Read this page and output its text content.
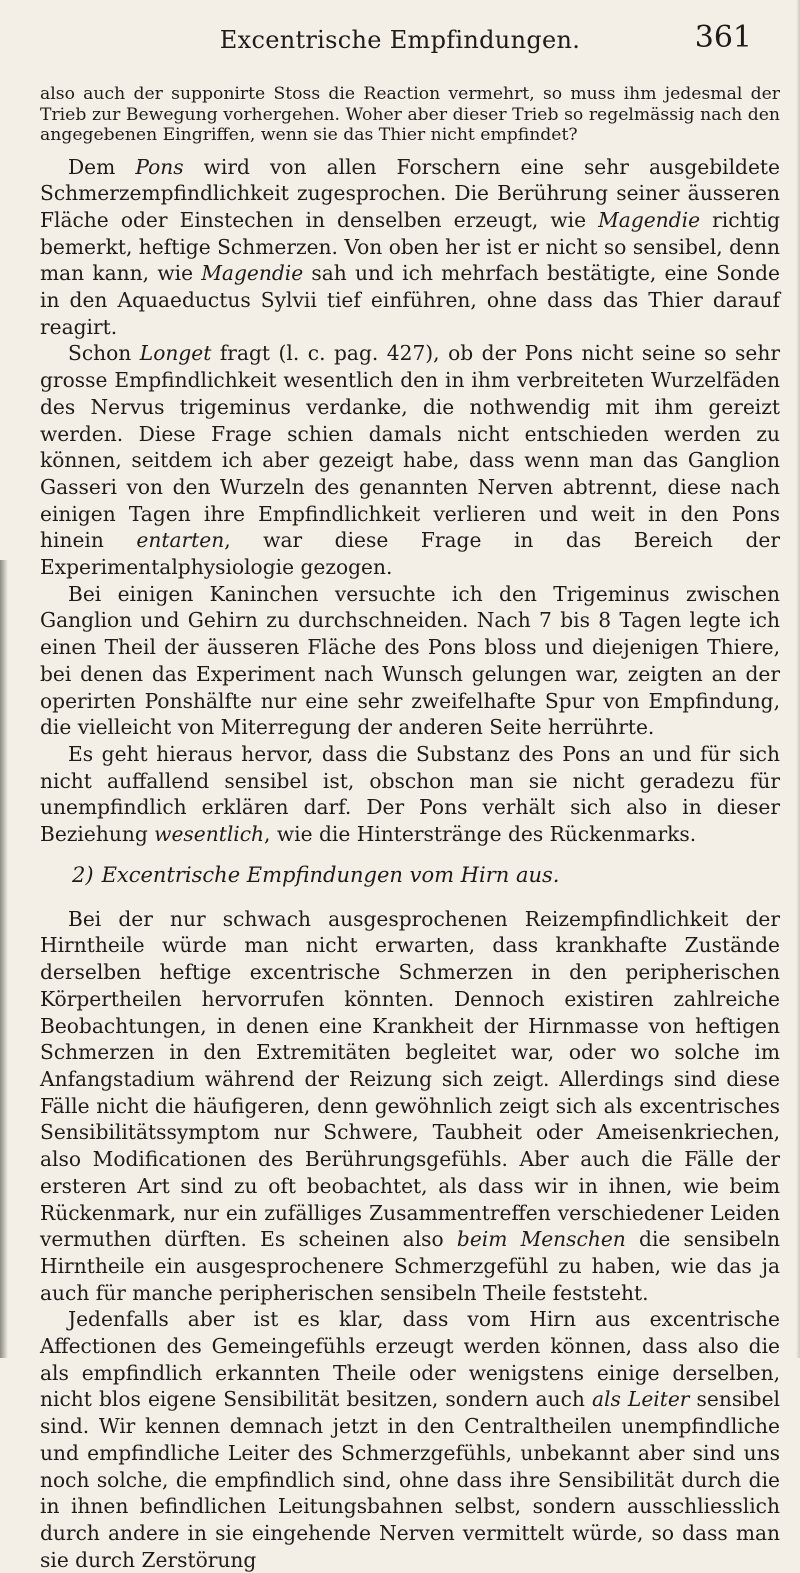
Excentrische Empfindungen.	361

also auch der supponirte Stoss die Reaction vermehrt, so muss ihm jedesmal der Trieb zur Bewegung vorhergehen. Woher aber dieser Trieb so regelmässig nach den angegebenen Eingriffen, wenn sie das Thier nicht empfindet?

Dem Pons wird von allen Forschern eine sehr ausgebildete Schmerzempfindlichkeit zugesprochen. Die Berührung seiner äusseren Fläche oder Einstechen in denselben erzeugt, wie Magendie richtig bemerkt, heftige Schmerzen. Von oben her ist er nicht so sensibel, denn man kann, wie Magendie sah und ich mehrfach bestätigte, eine Sonde in den Aquaeductus Sylvii tief einführen, ohne dass das Thier darauf reagirt.

Schon Longet fragt (l. c. pag. 427), ob der Pons nicht seine so sehr grosse Empfindlichkeit wesentlich den in ihm verbreiteten Wurzelfäden des Nervus trigeminus verdanke, die nothwendig mit ihm gereizt werden. Diese Frage schien damals nicht entschieden werden zu können, seitdem ich aber gezeigt habe, dass wenn man das Ganglion Gasseri von den Wurzeln des genannten Nerven abtrennt, diese nach einigen Tagen ihre Empfindlichkeit verlieren und weit in den Pons hinein entarten, war diese Frage in das Bereich der Experimentalphysiologie gezogen.

Bei einigen Kaninchen versuchte ich den Trigeminus zwischen Ganglion und Gehirn zu durchschneiden. Nach 7 bis 8 Tagen legte ich einen Theil der äusseren Fläche des Pons bloss und diejenigen Thiere, bei denen das Experiment nach Wunsch gelungen war, zeigten an der operirten Ponshälfte nur eine sehr zweifelhafte Spur von Empfindung, die vielleicht von Miterregung der anderen Seite herrührte.

Es geht hieraus hervor, dass die Substanz des Pons an und für sich nicht auffallend sensibel ist, obschon man sie nicht geradezu für unempfindlich erklären darf. Der Pons verhält sich also in dieser Beziehung wesentlich, wie die Hinterstränge des Rückenmarks.

2) Excentrische Empfindungen vom Hirn aus.

Bei der nur schwach ausgesprochenen Reizempfindlichkeit der Hirntheile würde man nicht erwarten, dass krankhafte Zustände derselben heftige excentrische Schmerzen in den peripherischen Körpertheilen hervorrufen könnten. Dennoch existiren zahlreiche Beobachtungen, in denen eine Krankheit der Hirnmasse von heftigen Schmerzen in den Extremitäten begleitet war, oder wo solche im Anfangstadium während der Reizung sich zeigt. Allerdings sind diese Fälle nicht die häufigeren, denn gewöhnlich zeigt sich als excentrisches Sensibilitätssymptom nur Schwere, Taubheit oder Ameisenkriechen, also Modificationen des Berührungsgefühls. Aber auch die Fälle der ersteren Art sind zu oft beobachtet, als dass wir in ihnen, wie beim Rückenmark, nur ein zufälliges Zusammentreffen verschiedener Leiden vermuthen dürften. Es scheinen also beim Menschen die sensibeln Hirntheile ein ausgesprochenere Schmerzgefühl zu haben, wie das ja auch für manche peripherischen sensibeln Theile feststeht.

Jedenfalls aber ist es klar, dass vom Hirn aus excentrische Affectionen des Gemeingefühls erzeugt werden können, dass also die als empfindlich erkannten Theile oder wenigstens einige derselben, nicht blos eigene Sensibilität besitzen, sondern auch als Leiter sensibel sind. Wir kennen demnach jetzt in den Centraltheilen unempfindliche und empfindliche Leiter des Schmerzgefühls, unbekannt aber sind uns noch solche, die empfindlich sind, ohne dass ihre Sensibilität durch die in ihnen befindlichen Leitungsbahnen selbst, sondern ausschliesslich durch andere in sie eingehende Nerven vermittelt würde, so dass man sie durch Zerstörung
